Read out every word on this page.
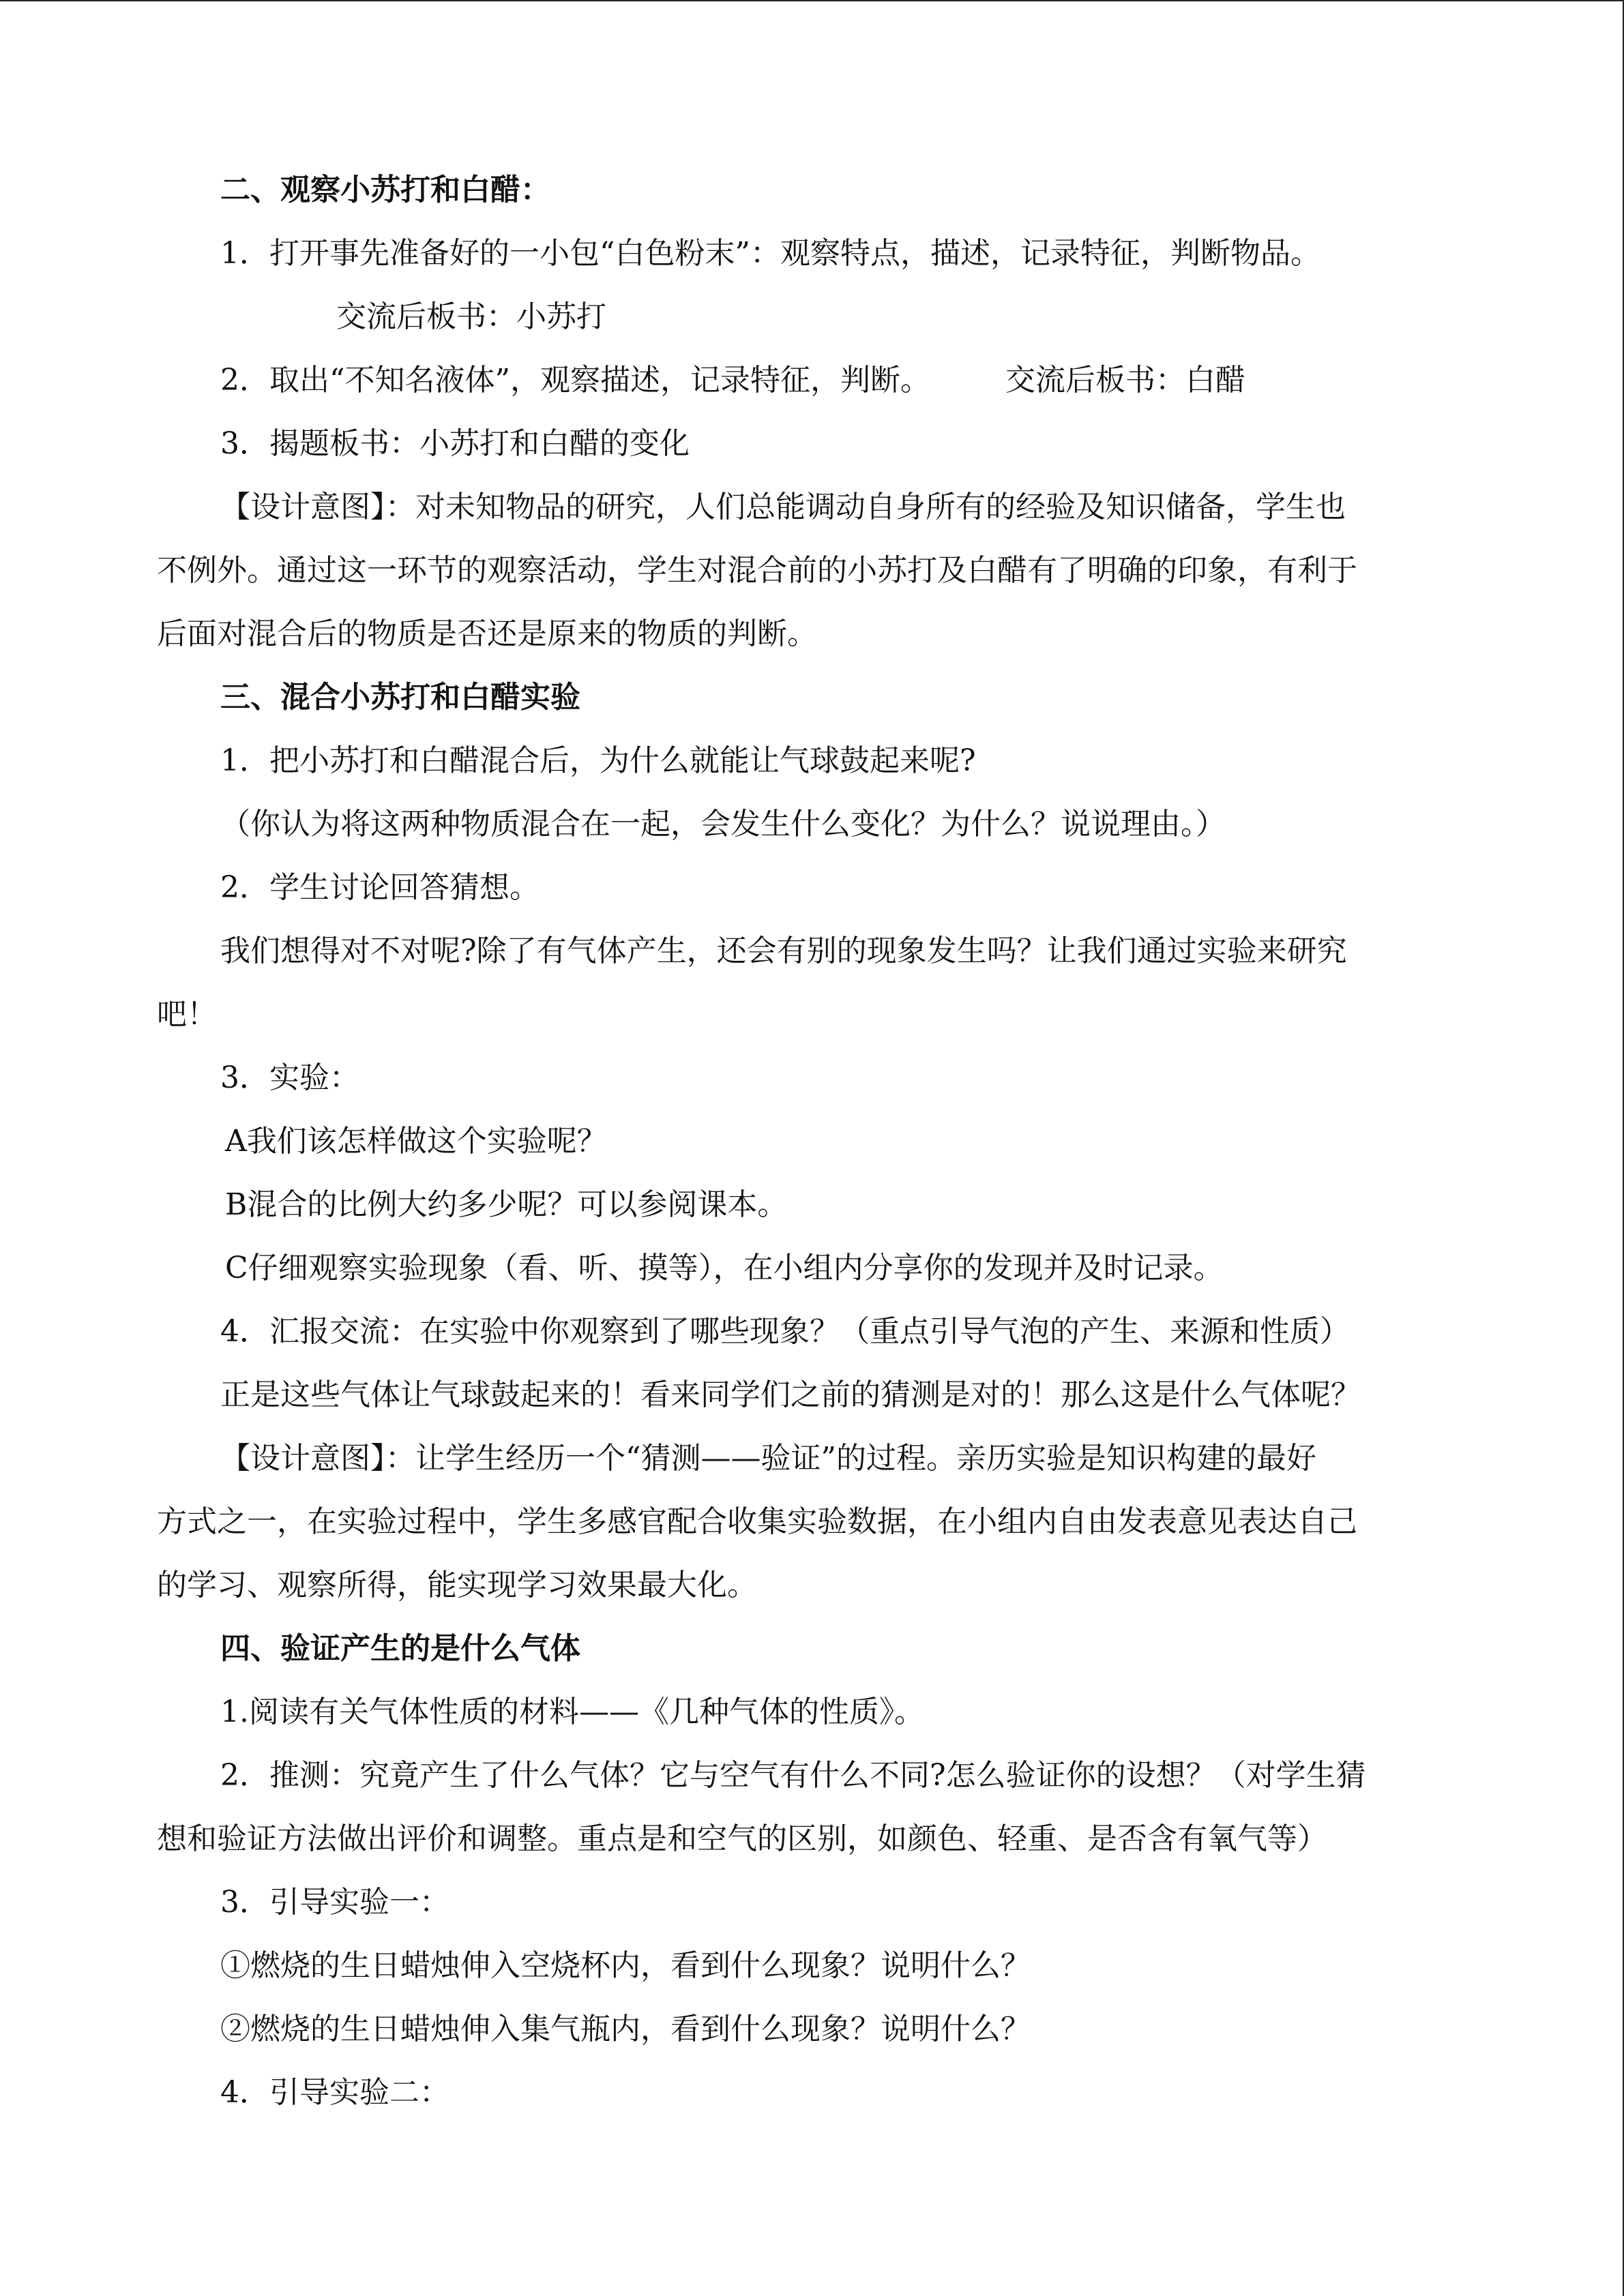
二、观察小苏打和白醋：
1．打开事先准备好的一小包“白色粉末”：观察特点，描述，记录特征，判断物品。
交流后板书：小苏打
2．取出“不知名液体”，观察描述，记录特征，判断。	交流后板书：白醋
3．揭题板书：小苏打和白醋的变化
【设计意图】：对未知物品的研究，人们总能调动自身所有的经验及知识储备，学生也
不例外。通过这一环节的观察活动，学生对混合前的小苏打及白醋有了明确的印象，有利于
后面对混合后的物质是否还是原来的物质的判断。
三、混合小苏打和白醋实验
1．把小苏打和白醋混合后，为什么就能让气球鼓起来呢?
（你认为将这两种物质混合在一起，会发生什么变化？为什么？说说理由。）
2．学生讨论回答猜想。
我们想得对不对呢?除了有气体产生，还会有别的现象发生吗？让我们通过实验来研究
吧！
3．实验：
A我们该怎样做这个实验呢？
B混合的比例大约多少呢？可以参阅课本。
C仔细观察实验现象（看、听、摸等），在小组内分享你的发现并及时记录。
4．汇报交流：在实验中你观察到了哪些现象？（重点引导气泡的产生、来源和性质）
正是这些气体让气球鼓起来的！看来同学们之前的猜测是对的！那么这是什么气体呢？
【设计意图】：让学生经历一个“猜测——验证”的过程。亲历实验是知识构建的最好
方式之一，在实验过程中，学生多感官配合收集实验数据，在小组内自由发表意见表达自己
的学习、观察所得，能实现学习效果最大化。
四、验证产生的是什么气体
1.阅读有关气体性质的材料——《几种气体的性质》。
2．推测：究竟产生了什么气体？它与空气有什么不同?怎么验证你的设想？（对学生猜
想和验证方法做出评价和调整。重点是和空气的区别，如颜色、轻重、是否含有氧气等）
3．引导实验一：
①燃烧的生日蜡烛伸入空烧杯内，看到什么现象？说明什么？
②燃烧的生日蜡烛伸入集气瓶内，看到什么现象？说明什么？
4．引导实验二：
